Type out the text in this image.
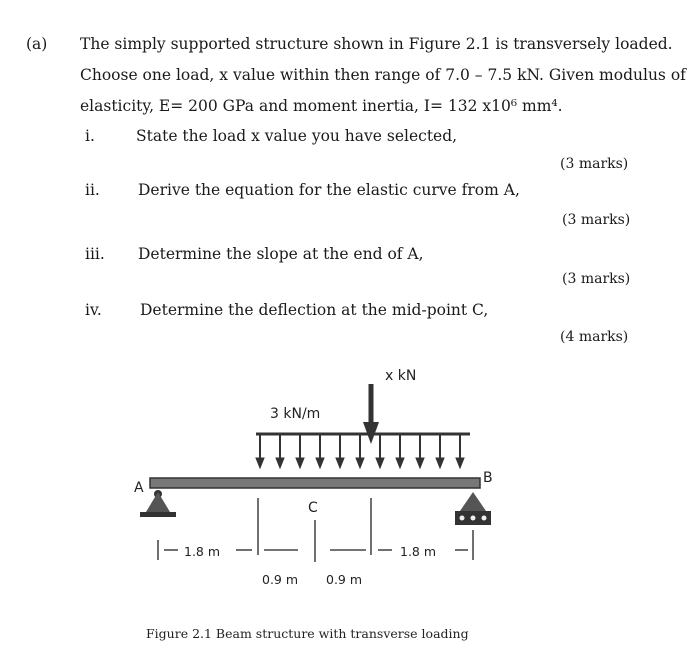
(a) The simply supported structure shown in Figure 2.1 is transversely loaded.
Choose one load, x value within then range of 7.0 – 7.5 kN. Given modulus of
elasticity, E= 200 GPa and moment inertia, I= 132 x10⁶ mm⁴.
i.	State the load x value you have selected,
(3 marks)
ii. Derive the equation for the elastic curve from A,
(3 marks)
iii. Determine the slope at the end of A,
(3 marks)
iv. Determine the deflection at the mid-point C,
(4 marks)
x kN
3 kN/m
A
B
C
1.8 m
0.9 m 0.9 m
1.8 m
Figure 2.1 Beam structure with transverse loading
